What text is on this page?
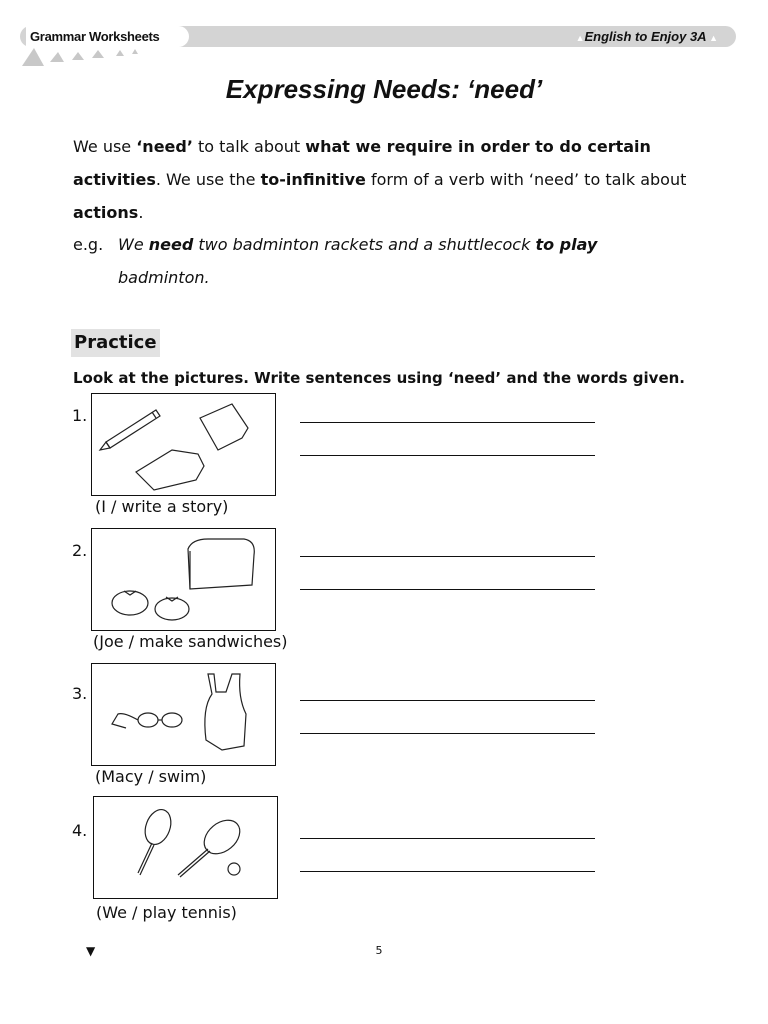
Grammar Worksheets	▲English to Enjoy 3A ▲
Expressing Needs: ‘need’

We use ‘need’ to talk about what we require in order to do certain activities. We use the to-infinitive form of a verb with ‘need’ to talk about actions.

e.g. We need two badminton rackets and a shuttlecock to play
badminton.
Practice
Look at the pictures. Write sentences using ‘need’ and the words given.
1.
(I / write a story)
2.
(Joe / make sandwiches)
3.
(Macy / swim)
4.
(We / play tennis)
▼	5
